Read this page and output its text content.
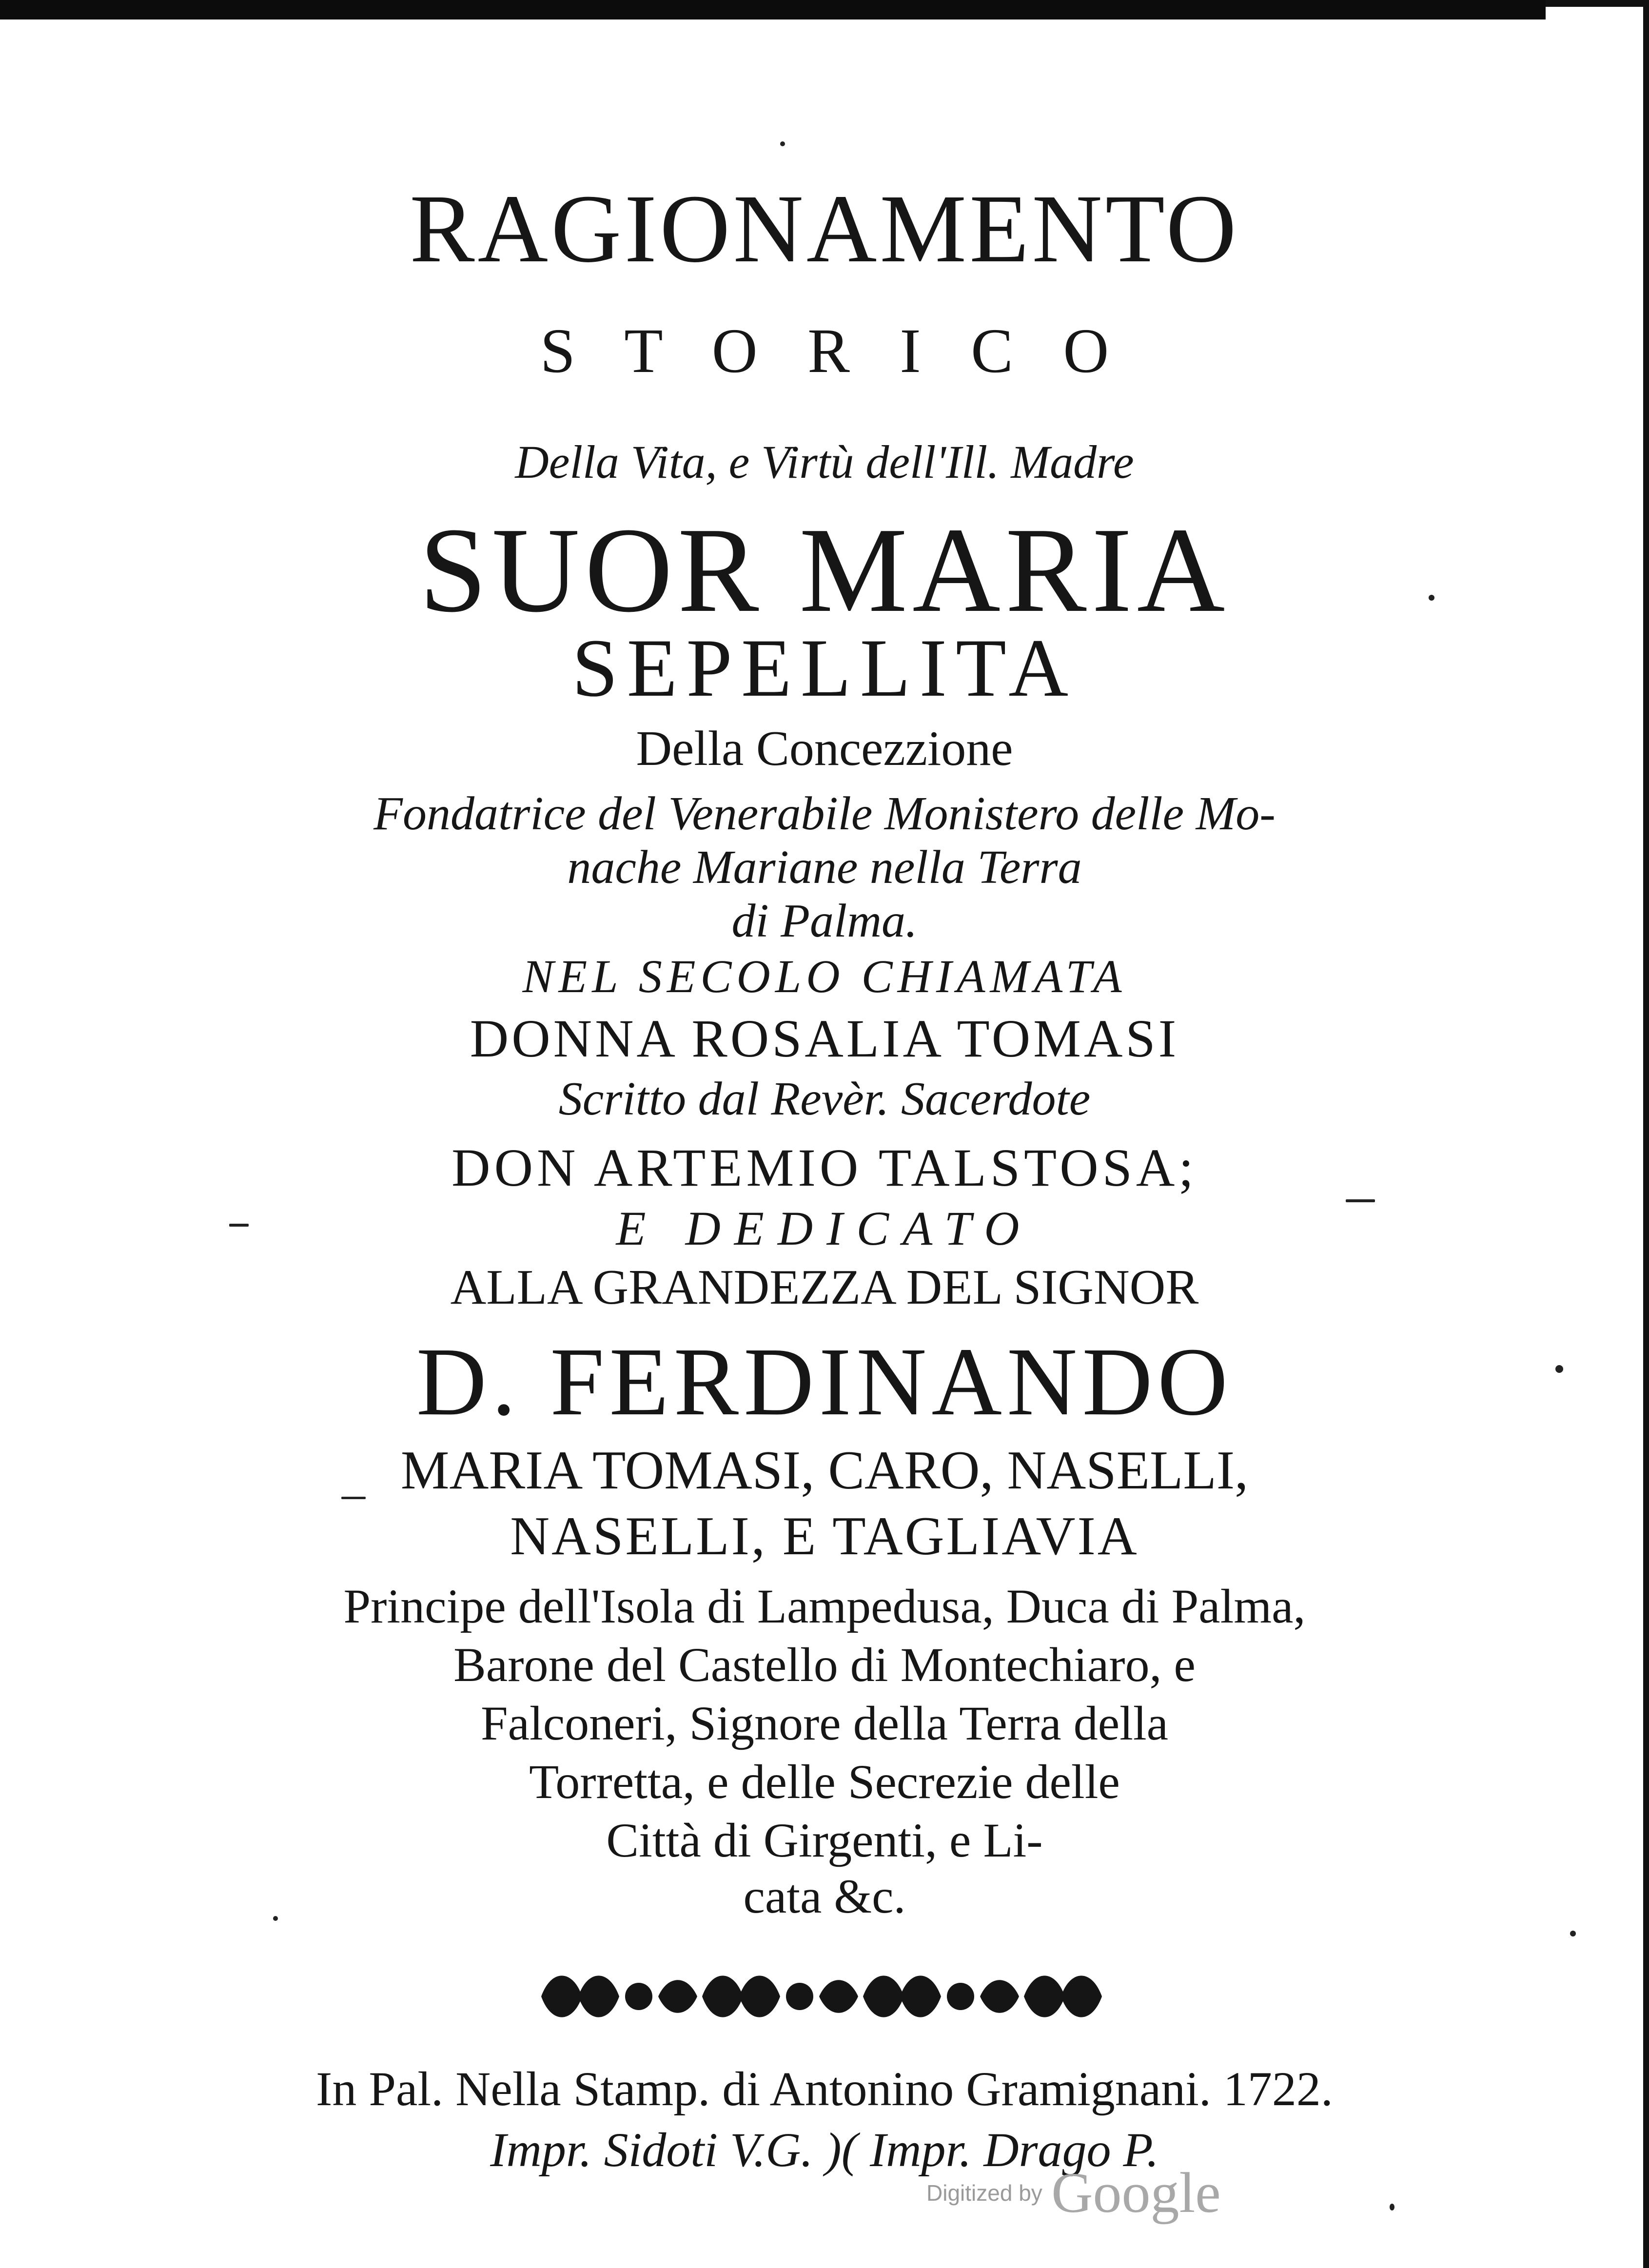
RAGIONAMENTO
S T O R I C O
Della Vita, e Virtù dell'Ill. Madre
SUOR MARIA
SEPELLITA
Della Concezzione
Fondatrice del Venerabile Monistero delle Mo-
nache Mariane nella Terra
di Palma.
NEL SECOLO CHIAMATA
DONNA ROSALIA TOMASI
Scritto dal Revèr. Sacerdote
DON ARTEMIO TALSTOSA;
E DEDICATO
ALLA GRANDEZZA DEL SIGNOR
D. FERDINANDO
MARIA TOMASI, CARO, NASELLI,
NASELLI, E TAGLIAVIA
Principe dell'Isola di Lampedusa, Duca di Palma,
Barone del Castello di Montechiaro, e
Falconeri, Signore della Terra della
Torretta, e delle Secrezie delle
Città di Girgenti, e Li-
cata &c.
In Pal. Nella Stamp. di Antonino Gramignani. 1722.
Impr. Sidoti V.G. )( Impr. Drago P.
Digitized by Google
